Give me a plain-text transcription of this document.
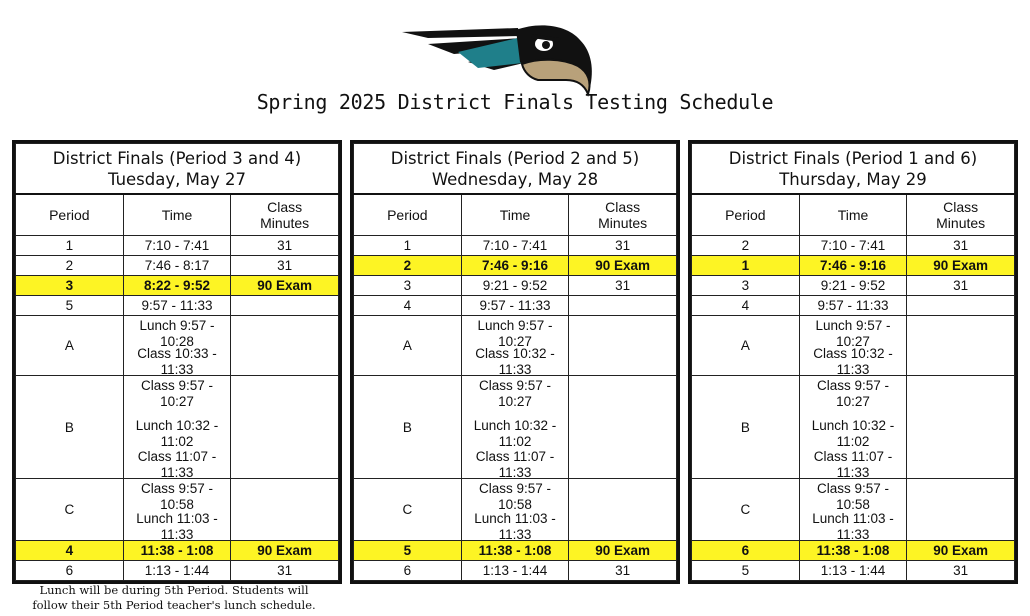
Spring 2025 District Finals Testing Schedule
District Finals (Period 3 and 4)
Tuesday, May 27		

Period	Time	Class
Minutes

1	7:10 - 7:41	31
2	7:46 - 8:17	31
3	8:22 - 9:52	90 Exam
5	9:57 - 11:33	
A	Lunch 9:57 - 10:28
Class 10:33 - 11:33	

B	Class 9:57 - 10:27
Lunch 10:32 - 11:02
Class 11:07 - 11:33	

C	Class 9:57 - 10:58
Lunch 11:03 - 11:33	

4	11:38 - 1:08	90 Exam
6	1:13 - 1:44	31
District Finals (Period 2 and 5)
Wednesday, May 28		

Period	Time	Class
Minutes

1	7:10 - 7:41	31
2	7:46 - 9:16	90 Exam
3	9:21 - 9:52	31
4	9:57 - 11:33	
A	Lunch 9:57 - 10:27
Class 10:32 - 11:33	

B	Class 9:57 - 10:27
Lunch 10:32 - 11:02
Class 11:07 - 11:33	

C	Class 9:57 - 10:58
Lunch 11:03 - 11:33	

5	11:38 - 1:08	90 Exam
6	1:13 - 1:44	31
District Finals (Period 1 and 6)
Thursday, May 29		

Period	Time	Class
Minutes

2	7:10 - 7:41	31
1	7:46 - 9:16	90 Exam
3	9:21 - 9:52	31
4	9:57 - 11:33	
A	Lunch 9:57 - 10:27
Class 10:32 - 11:33	

B	Class 9:57 - 10:27
Lunch 10:32 - 11:02
Class 11:07 - 11:33	

C	Class 9:57 - 10:58
Lunch 11:03 - 11:33	

6	11:38 - 1:08	90 Exam
5	1:13 - 1:44	31
Lunch will be during 5th Period. Students will
follow their 5th Period teacher's lunch schedule.
